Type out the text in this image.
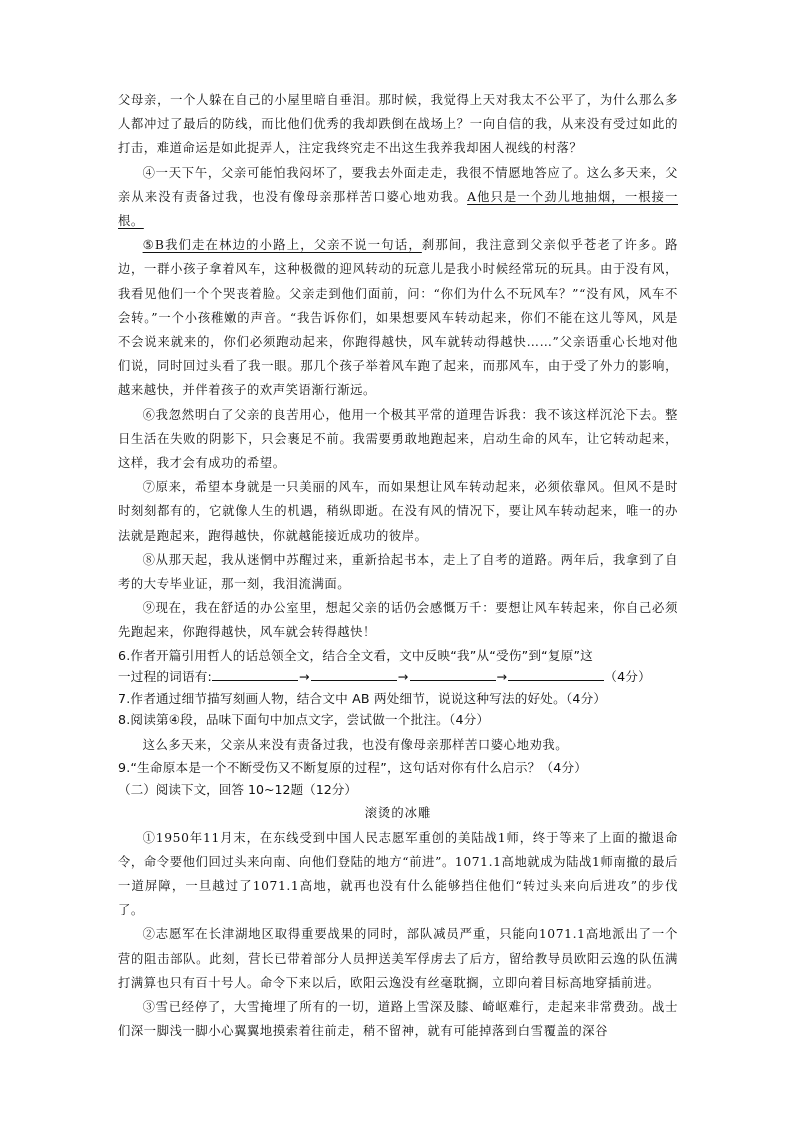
父母亲，一个人躲在自己的小屋里暗自垂泪。那时候，我觉得上天对我太不公平了，为什么那么多人都冲过了最后的防线，而比他们优秀的我却跌倒在战场上？一向自信的我，从来没有受过如此的打击，难道命运是如此捉弄人，注定我终究走不出这生我养我却困人视线的村落？

④一天下午，父亲可能怕我闷坏了，要我去外面走走，我很不情愿地答应了。这么多天来，父亲从来没有责备过我，也没有像母亲那样苦口婆心地劝我。A他只是一个劲儿地抽烟，一根接一根。

⑤B我们走在林边的小路上，父亲不说一句话，刹那间，我注意到父亲似乎苍老了许多。路边，一群小孩子拿着风车，这种极微的迎风转动的玩意儿是我小时候经常玩的玩具。由于没有风，我看见他们一个个哭丧着脸。父亲走到他们面前，问：“你们为什么不玩风车？”“没有风，风车不会转。”一个小孩稚嫩的声音。“我告诉你们，如果想要风车转动起来，你们不能在这儿等风，风是不会说来就来的，你们必须跑动起来，你跑得越快，风车就转动得越快……”父亲语重心长地对他们说，同时回过头看了我一眼。那几个孩子举着风车跑了起来，而那风车，由于受了外力的影响，越来越快，并伴着孩子的欢声笑语渐行渐远。

⑥我忽然明白了父亲的良苦用心，他用一个极其平常的道理告诉我：我不该这样沉沦下去。整日生活在失败的阴影下，只会裹足不前。我需要勇敢地跑起来，启动生命的风车，让它转动起来，这样，我才会有成功的希望。

⑦原来，希望本身就是一只美丽的风车，而如果想让风车转动起来，必须依靠风。但风不是时时刻刻都有的，它就像人生的机遇，稍纵即逝。在没有风的情况下，要让风车转动起来，唯一的办法就是跑起来，跑得越快，你就越能接近成功的彼岸。

⑧从那天起，我从迷惘中苏醒过来，重新拾起书本，走上了自考的道路。两年后，我拿到了自考的大专毕业证，那一刻，我泪流满面。

⑨现在，我在舒适的办公室里，想起父亲的话仍会感慨万千：要想让风车转起来，你自己必须先跑起来，你跑得越快，风车就会转得越快！

6.作者开篇引用哲人的话总领全文，结合全文看，文中反映“我”从“受伤”到“复原”这

一过程的词语有:	→	→	→	（4分）

7.作者通过细节描写刻画人物，结合文中 AB 两处细节，说说这种写法的好处。（4分）

8.阅读第④段，品味下面句中加点文字，尝试做一个批注。（4分）

这么多天来，父亲从来没有责备过我，也没有像母亲那样苦口婆心地劝我。

9.“生命原本是一个不断受伤又不断复原的过程”，这句话对你有什么启示？（4分）

（二）阅读下文，回答 10~12题（12分）

滚烫的冰雕

①1950年11月末，在东线受到中国人民志愿军重创的美陆战1师，终于等来了上面的撤退命令，命令要他们回过头来向南、向他们登陆的地方“前进”。1071.1高地就成为陆战1师南撤的最后一道屏障，一旦越过了1071.1高地，就再也没有什么能够挡住他们“转过头来向后进攻”的步伐了。

②志愿军在长津湖地区取得重要战果的同时，部队减员严重，只能向1071.1高地派出了一个营的阻击部队。此刻，营长已带着部分人员押送美军俘虏去了后方，留给教导员欧阳云逸的队伍满打满算也只有百十号人。命令下来以后，欧阳云逸没有丝毫耽搁，立即向着目标高地穿插前进。

③雪已经停了，大雪掩埋了所有的一切，道路上雪深及膝、崎岖难行，走起来非常费劲。战士们深一脚浅一脚小心翼翼地摸索着往前走，稍不留神，就有可能掉落到白雪覆盖的深谷
